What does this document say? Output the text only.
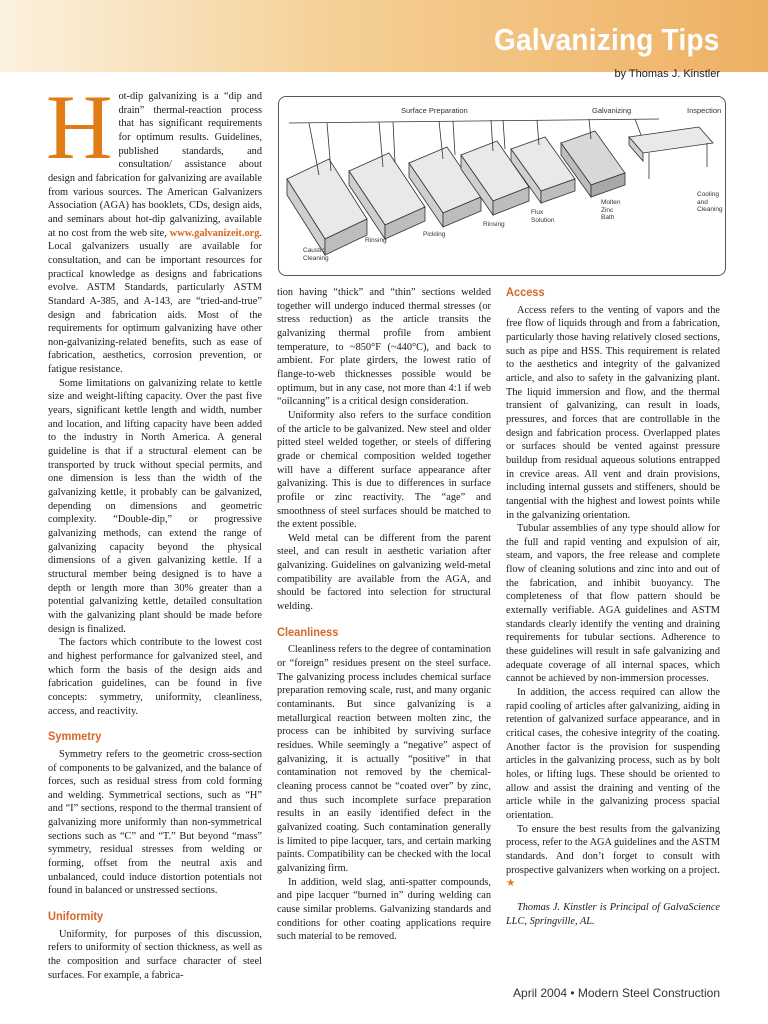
Galvanizing Tips
by Thomas J. Kinstler
Surface Preparation	Galvanizing	Inspection
Caustic
Cleaning
Rinsing
Pickling
Rinsing
Flux
Solution
Molten
Zinc
Bath
Cooling
and
Cleaning

Hot-dip galvanizing is a “dip and drain” thermal-reaction process that has significant requirements for optimum results. Guidelines, published standards, and consultation/ assistance about design and fabrication for galvanizing are available from various sources. The American Galvanizers Association (AGA) has booklets, CDs, design aids, and seminars about hot-dip galvanizing, available at no cost from the web site, www.galvanizeit.org. Local galvanizers usually are available for consultation, and can be important resources for practical knowledge as designs and fabrications evolve. ASTM Standards, particularly ASTM Standard A-385, and A-143, are “tried-and-true” design and fabrication aids. Most of the requirements for optimum galvanizing have other non-galvanizing-related benefits, such as ease of fabrication, aesthetics, corrosion prevention, or fatigue resistance.

Some limitations on galvanizing relate to kettle size and weight-lifting capacity. Over the past five years, significant kettle length and width, number and location, and lifting capacity have been added to the industry in North America. A general guideline is that if a structural element can be transported by truck without special permits, and one dimension is less than the width of the galvanizing kettle, it probably can be galvanized, depending on dimensions and geometric complexity. “Double-dip,” or progressive galvanizing methods, can extend the range of galvanizing capacity beyond the physical dimensions of a given galvanizing kettle. If a structural member being designed is to have a depth or length more than 30% greater than a potential galvanizing kettle, detailed consultation with the galvanizing plant should be made before design is finalized.

The factors which contribute to the lowest cost and highest performance for galvanized steel, and which form the basis of the design aids and fabrication guidelines, can be found in five concepts: symmetry, uniformity, cleanliness, access, and reactivity.

Symmetry

Symmetry refers to the geometric cross-section of components to be galvanized, and the balance of forces, such as residual stress from cold forming and welding. Symmetrical sections, such as “H” and “I” sections, respond to the thermal transient of galvanizing more uniformly than non-symmetrical sections such as “C” and “T.” But beyond “mass” symmetry, residual stresses from welding or forming, offset from the neutral axis and unbalanced, could induce distortion potentials not found in balanced or unstressed sections.

Uniformity

Uniformity, for purposes of this discussion, refers to uniformity of section thickness, as well as the composition and surface character of steel surfaces. For example, a fabrica-

tion having “thick” and “thin” sections welded together will undergo induced thermal stresses (or stress reduction) as the article transits the galvanizing thermal profile from ambient temperature, to ~850°F (~440°C), and back to ambient. For plate girders, the lowest ratio of flange-to-web thicknesses possible would be optimum, but in any case, not more than 4:1 if web “oilcanning” is a critical design consideration.

Uniformity also refers to the surface condition of the article to be galvanized. New steel and older pitted steel welded together, or steels of differing grade or chemical composition welded together will have a different surface appearance after galvanizing. This is due to differences in surface profile or zinc reactivity. The “age” and smoothness of steel surfaces should be matched to the extent possible.

Weld metal can be different from the parent steel, and can result in aesthetic variation after galvanizing. Guidelines on galvanizing weld-metal compatibility are available from the AGA, and should be factored into selection for structural welding.

Cleanliness

Cleanliness refers to the degree of contamination or “foreign” residues present on the steel surface. The galvanizing process includes chemical surface preparation removing scale, rust, and many organic contaminants. But since galvanizing is a metallurgical reaction between molten zinc, the process can be inhibited by surviving surface residues. While seemingly a “negative” aspect of galvanizing, it is actually “positive” in that contamination not removed by the chemical-cleaning process cannot be “coated over” by zinc, and thus such incomplete surface preparation results in an easily identified defect in the galvanized coating. Such contamination generally is limited to pipe lacquer, tars, and certain marking paints. Compatibility can be checked with the local galvanizing firm.

In addition, weld slag, anti-spatter compounds, and pipe lacquer “burned in” during welding can cause similar problems. Galvanizing standards and conditions for other coating applications require such material to be removed.

Access

Access refers to the venting of vapors and the free flow of liquids through and from a fabrication, particularly those having relatively closed sections, such as pipe and HSS. This requirement is related to the aesthetics and integrity of the galvanized article, and also to safety in the galvanizing plant. The liquid immersion and flow, and the thermal transient of galvanizing, can result in loads, pressures, and forces that are controllable in the design and fabrication process. Overlapped plates or surfaces should be vented against pressure buildup from residual aqueous solutions entrapped in crevice areas. All vent and drain provisions, including internal gussets and stiffeners, should be tangential with the highest and lowest points while in the galvanizing orientation.

Tubular assemblies of any type should allow for the full and rapid venting and expulsion of air, steam, and vapors, the free release and complete flow of cleaning solutions and zinc into and out of the fabrication, and inhibit buoyancy. The completeness of that flow pattern should be externally verifiable. AGA guidelines and ASTM standards clearly identify the venting and draining requirements for tubular sections. Adherence to these guidelines will result in safe galvanizing and adequate coverage of all internal spaces, which cannot be achieved by non-immersion processes.

In addition, the access required can allow the rapid cooling of articles after galvanizing, aiding in retention of galvanized surface appearance, and in critical cases, the cohesive integrity of the coating. Another factor is the provision for suspending articles in the galvanizing process, such as by bolt holes, or lifting lugs. These should be oriented to allow and assist the draining and venting of the article while in the galvanizing process spacial orientation.

To ensure the best results from the galvanizing process, refer to the AGA guidelines and the ASTM standards. And don’t forget to consult with prospective galvanizers when working on a project. ★

Thomas J. Kinstler is Principal of GalvaScience LLC, Springville, AL.

April 2004 • Modern Steel Construction
